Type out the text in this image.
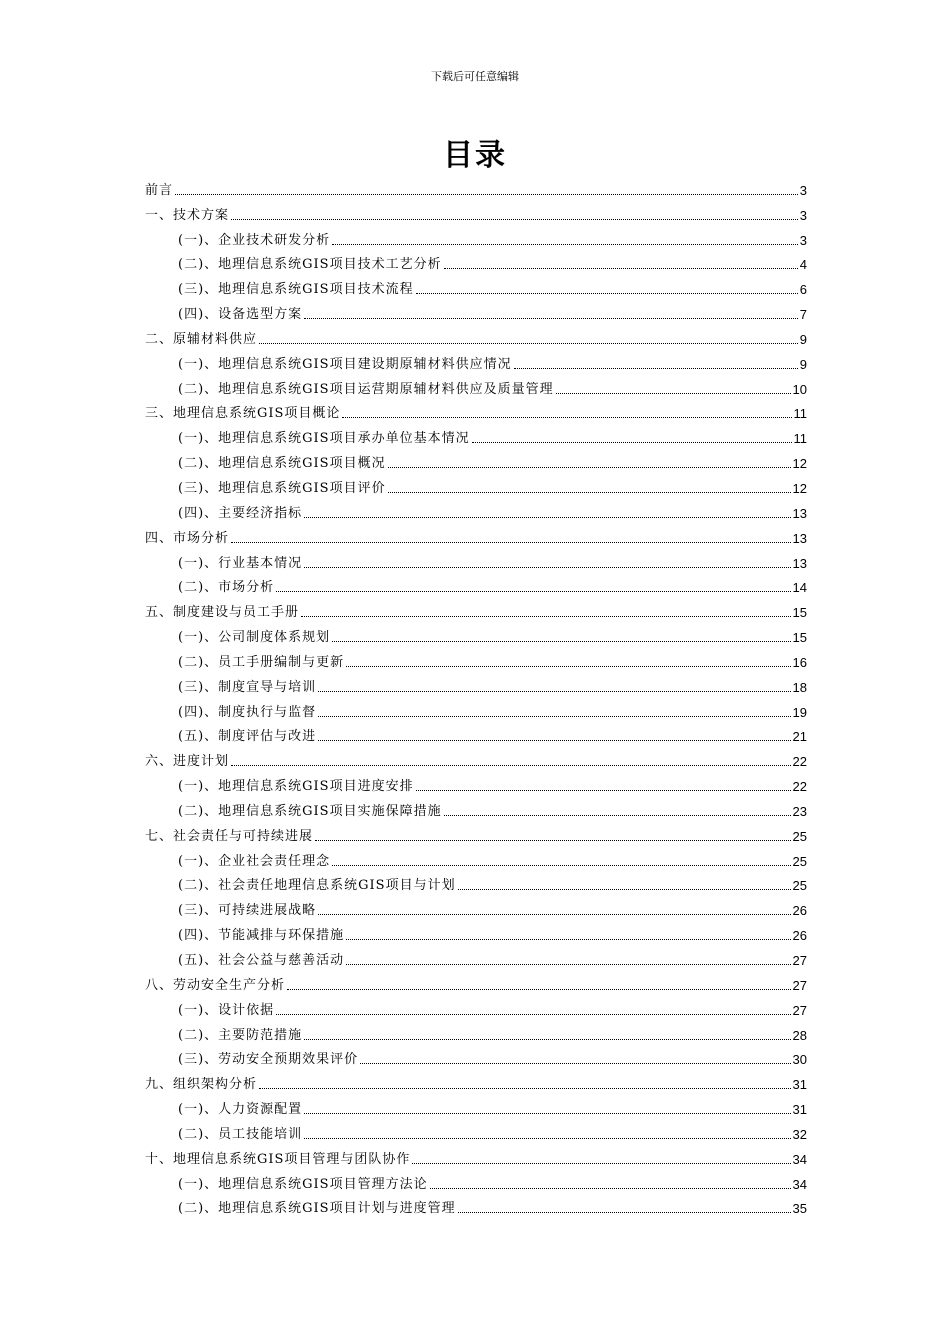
下载后可任意编辑
目录
前言	3
一、技术方案	3
(一)、企业技术研发分析	3
(二)、地理信息系统GIS项目技术工艺分析	4
(三)、地理信息系统GIS项目技术流程	6
(四)、设备选型方案	7
二、原辅材料供应	9
(一)、地理信息系统GIS项目建设期原辅材料供应情况	9
(二)、地理信息系统GIS项目运营期原辅材料供应及质量管理	10
三、地理信息系统GIS项目概论	11
(一)、地理信息系统GIS项目承办单位基本情况	11
(二)、地理信息系统GIS项目概况	12
(三)、地理信息系统GIS项目评价	12
(四)、主要经济指标	13
四、市场分析	13
(一)、行业基本情况	13
(二)、市场分析	14
五、制度建设与员工手册	15
(一)、公司制度体系规划	15
(二)、员工手册编制与更新	16
(三)、制度宣导与培训	18
(四)、制度执行与监督	19
(五)、制度评估与改进	21
六、进度计划	22
(一)、地理信息系统GIS项目进度安排	22
(二)、地理信息系统GIS项目实施保障措施	23
七、社会责任与可持续进展	25
(一)、企业社会责任理念	25
(二)、社会责任地理信息系统GIS项目与计划	25
(三)、可持续进展战略	26
(四)、节能减排与环保措施	26
(五)、社会公益与慈善活动	27
八、劳动安全生产分析	27
(一)、设计依据	27
(二)、主要防范措施	28
(三)、劳动安全预期效果评价	30
九、组织架构分析	31
(一)、人力资源配置	31
(二)、员工技能培训	32
十、地理信息系统GIS项目管理与团队协作	34
(一)、地理信息系统GIS项目管理方法论	34
(二)、地理信息系统GIS项目计划与进度管理	35
